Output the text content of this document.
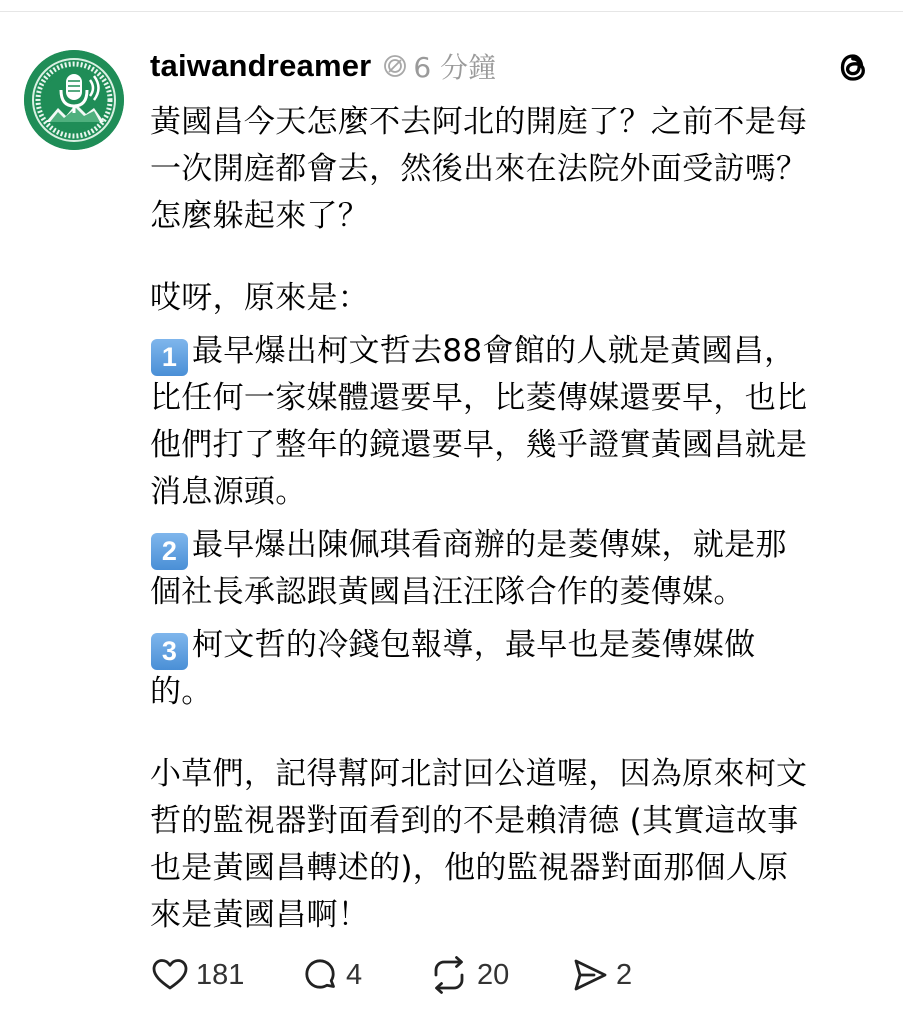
taiwandreamer 6 分鐘
黃國昌今天怎麼不去阿北的開庭了？之前不是每
一次開庭都會去，然後出來在法院外面受訪嗎？
怎麼躲起來了？
哎呀，原來是：
1 最早爆出柯文哲去88會館的人就是黃國昌，
比任何一家媒體還要早，比菱傳媒還要早，也比
他們打了整年的鏡還要早，幾乎證實黃國昌就是
消息源頭。
2 最早爆出陳佩琪看商辦的是菱傳媒，就是那
個社長承認跟黃國昌汪汪隊合作的菱傳媒。
3 柯文哲的冷錢包報導，最早也是菱傳媒做
的。
小草們，記得幫阿北討回公道喔，因為原來柯文
哲的監視器對面看到的不是賴清德 (其實這故事
也是黃國昌轉述的)，他的監視器對面那個人原
來是黃國昌啊！
181	4	20	2
